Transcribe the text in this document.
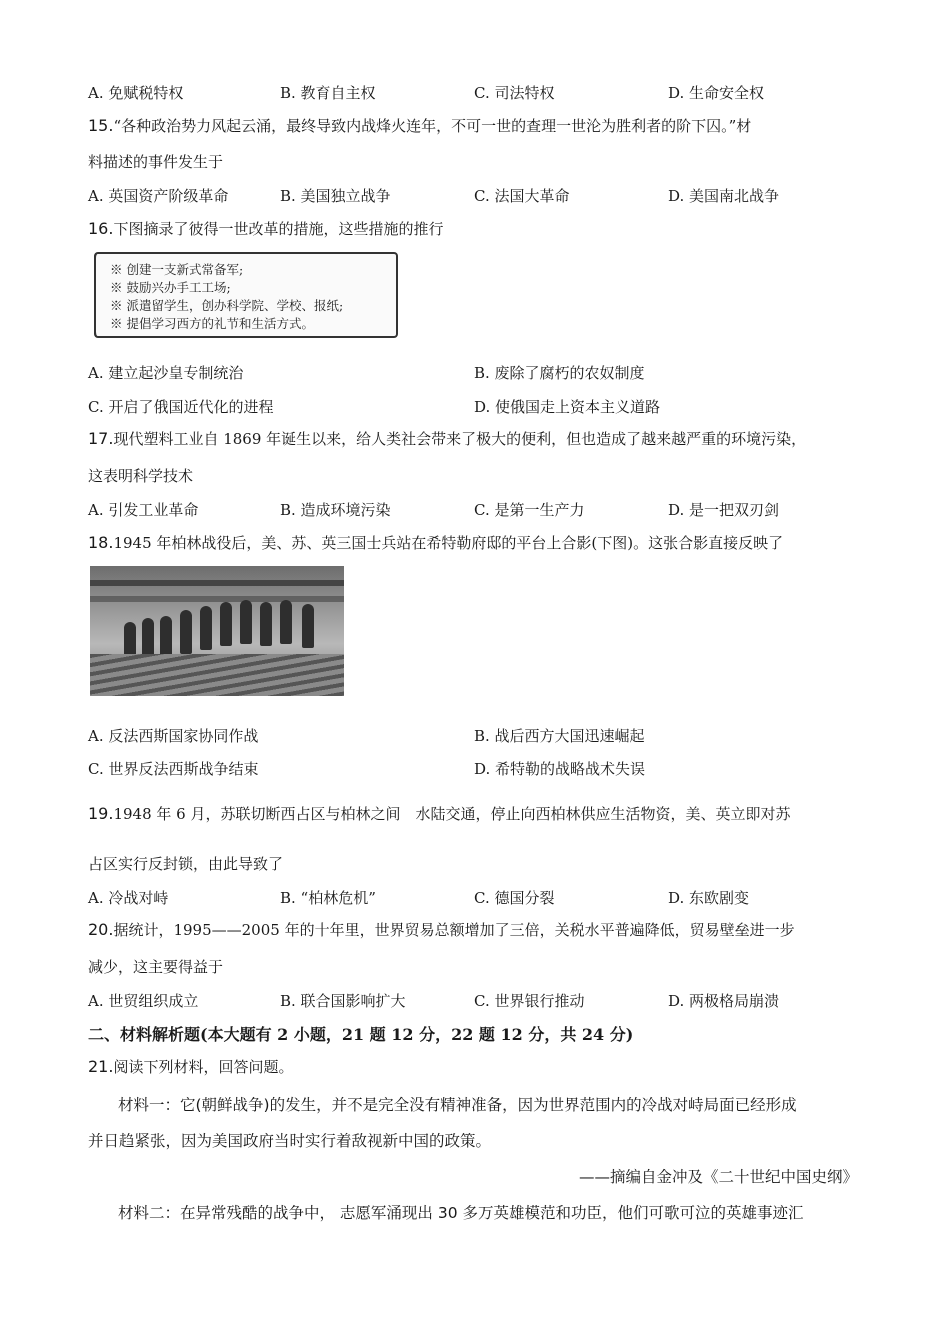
A. 免赋税特权	B. 教育自主权	C. 司法特权	D. 生命安全权
15.“各种政治势力风起云涌，最终导致内战烽火连年，不可一世的查理一世沦为胜利者的阶下囚。”材
料描述的事件发生于
A. 英国资产阶级革命	B. 美国独立战争	C. 法国大革命	D. 美国南北战争
16.下图摘录了彼得一世改革的措施，这些措施的推行
※ 创建一支新式常备军;
※ 鼓励兴办手工工场;
※ 派遣留学生，创办科学院、学校、报纸;
※ 提倡学习西方的礼节和生活方式。
A. 建立起沙皇专制统治	B. 废除了腐朽的农奴制度
C. 开启了俄国近代化的进程	D. 使俄国走上资本主义道路
17.现代塑料工业自 1869 年诞生以来，给人类社会带来了极大的便利，但也造成了越来越严重的环境污染，
这表明科学技术
A. 引发工业革命	B. 造成环境污染	C. 是第一生产力	D. 是一把双刃剑
18.1945 年柏林战役后，美、苏、英三国士兵站在希特勒府邸的平台上合影(下图)。这张合影直接反映了
A. 反法西斯国家协同作战	B. 战后西方大国迅速崛起
C. 世界反法西斯战争结束	D. 希特勒的战略战术失误
19.1948 年 6 月，苏联切断西占区与柏林之间　水陆交通，停止向西柏林供应生活物资，美、英立即对苏
占区实行反封锁，由此导致了
A. 冷战对峙	B. “柏林危机”	C. 德国分裂	D. 东欧剧变
20.据统计，1995——2005 年的十年里，世界贸易总额增加了三倍，关税水平普遍降低，贸易壁垒进一步
减少，这主要得益于
A. 世贸组织成立	B. 联合国影响扩大	C. 世界银行推动	D. 两极格局崩溃
二、材料解析题(本大题有 2 小题，21 题 12 分，22 题 12 分，共 24 分)
21.阅读下列材料，回答问题。
材料一：它(朝鲜战争)的发生，并不是完全没有精神准备，因为世界范围内的冷战对峙局面已经形成
并日趋紧张，因为美国政府当时实行着敌视新中国的政策。
——摘编自金冲及《二十世纪中国史纲》
材料二：在异常残酷的战争中， 志愿军涌现出 30 多万英雄模范和功臣，他们可歌可泣的英雄事迹汇
